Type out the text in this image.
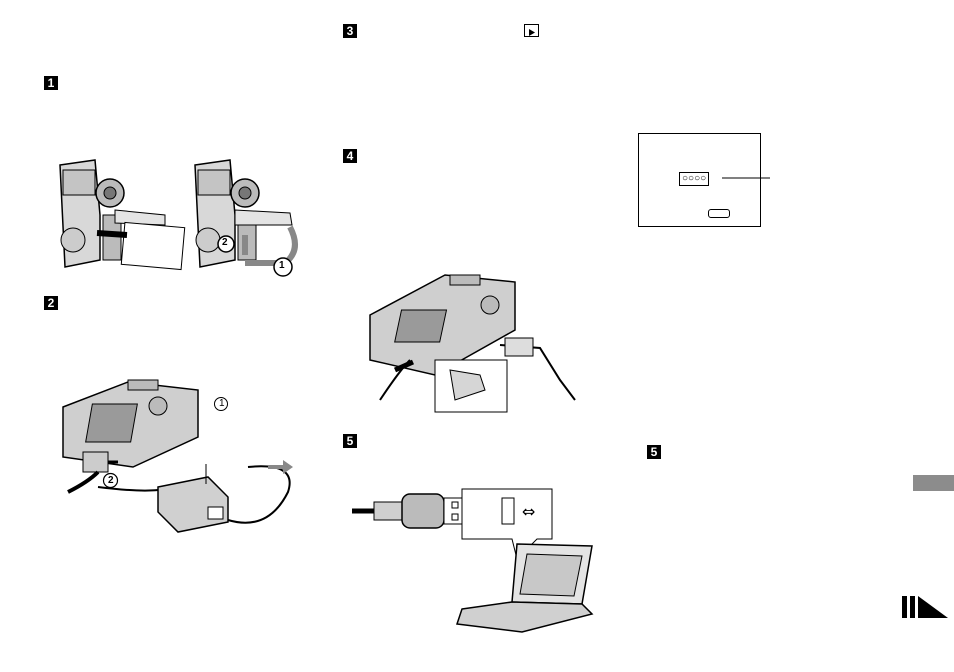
1
2
3
4
5
5
2
1
1
2
⇔
○○○○
